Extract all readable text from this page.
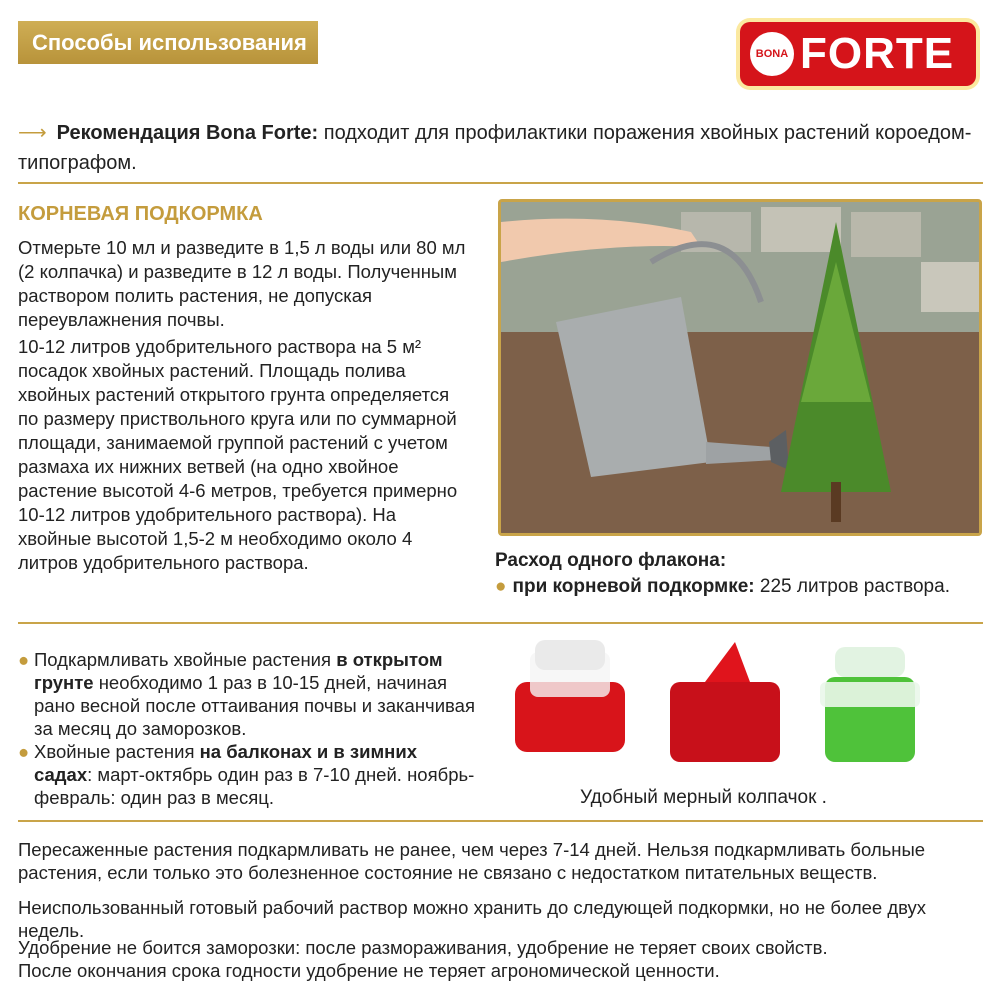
Способы использования	BONA FORTE
⟶ Рекомендация Bona Forte: подходит для профилактики поражения хвойных растений короедом-типографом.
КОРНЕВАЯ ПОДКОРМКА
Отмерьте 10 мл и разведите в 1,5 л воды или 80 мл (2 колпачка) и разведите в 12 л воды. Полученным раствором полить растения, не допуская переувлажнения почвы.
10-12 литров удобрительного раствора на 5 м² посадок хвойных растений. Площадь полива хвойных растений открытого грунта определяется по размеру приствольного круга или по суммарной площади, занимаемой группой растений с учетом размаха их нижних ветвей (на одно хвойное растение высотой 4-6 метров, требуется примерно 10-12 литров удобрительного раствора). На хвойные высотой 1,5-2 м необходимо около 4 литров удобрительного раствора.	Расход одного флакона:
● при корневой подкормке: 225 литров раствора.
● Подкармливать хвойные растения в открытом грунте необходимо 1 раз в 10-15 дней, начиная рано весной после оттаивания почвы и заканчивая за месяц до заморозков.
● Хвойные растения на балконах и в зимних садах: март-октябрь один раз в 7-10 дней. ноябрь-февраль: один раз в месяц.	Удобный мерный колпачок .
Пересаженные растения подкармливать не ранее, чем через 7-14 дней. Нельзя подкармливать больные растения, если только это болезненное состояние не связано с недостатком питательных веществ.
Неиспользованный готовый рабочий раствор можно хранить до следующей подкормки, но не более двух недель.
Удобрение не боится заморозки: после размораживания, удобрение не теряет своих свойств.
После окончания срока годности удобрение не теряет агрономической ценности.
